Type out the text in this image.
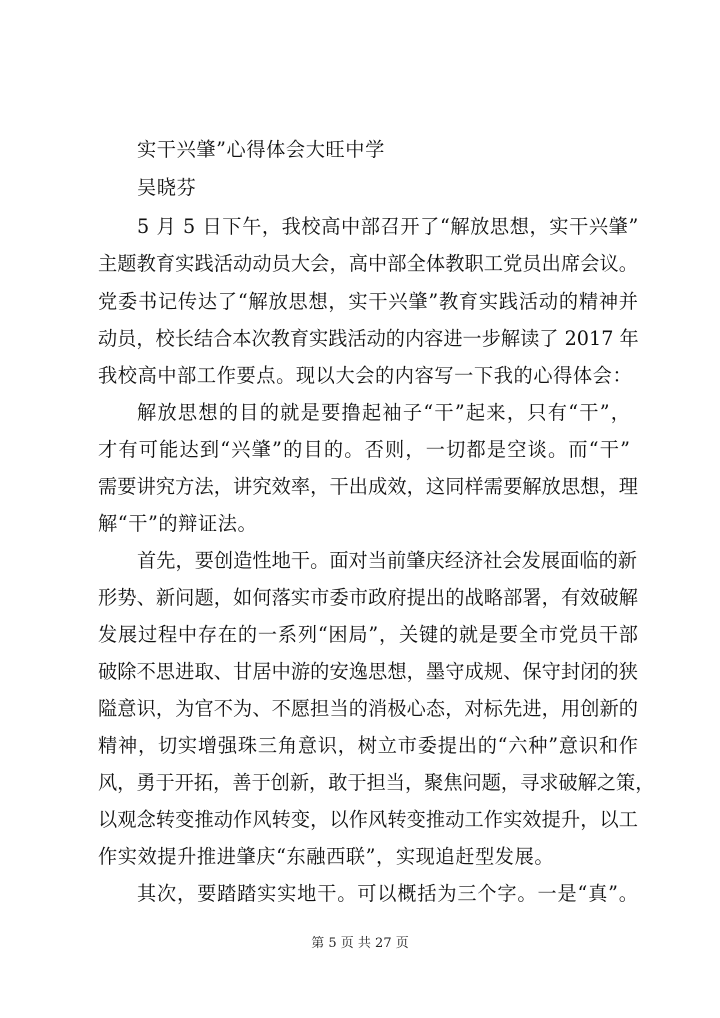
实干兴肇”心得体会大旺中学
吴晓芬
5 月 5 日下午，我校高中部召开了“解放思想，实干兴肇”
主题教育实践活动动员大会，高中部全体教职工党员出席会议。
党委书记传达了“解放思想，实干兴肇”教育实践活动的精神并
动员，校长结合本次教育实践活动的内容进一步解读了 2017 年
我校高中部工作要点。现以大会的内容写一下我的心得体会：
解放思想的目的就是要撸起袖子“干”起来，只有“干”，
才有可能达到“兴肇”的目的。否则，一切都是空谈。而“干”
需要讲究方法，讲究效率，干出成效，这同样需要解放思想，理
解“干”的辩证法。
首先，要创造性地干。面对当前肇庆经济社会发展面临的新
形势、新问题，如何落实市委市政府提出的战略部署，有效破解
发展过程中存在的一系列“困局”，关键的就是要全市党员干部
破除不思进取、甘居中游的安逸思想，墨守成规、保守封闭的狭
隘意识，为官不为、不愿担当的消极心态，对标先进，用创新的
精神，切实增强珠三角意识，树立市委提出的“六种”意识和作
风，勇于开拓，善于创新，敢于担当，聚焦问题，寻求破解之策，
以观念转变推动作风转变，以作风转变推动工作实效提升，以工
作实效提升推进肇庆“东融西联”，实现追赶型发展。
其次，要踏踏实实地干。可以概括为三个字。一是“真”。
第 5 页 共 27 页
